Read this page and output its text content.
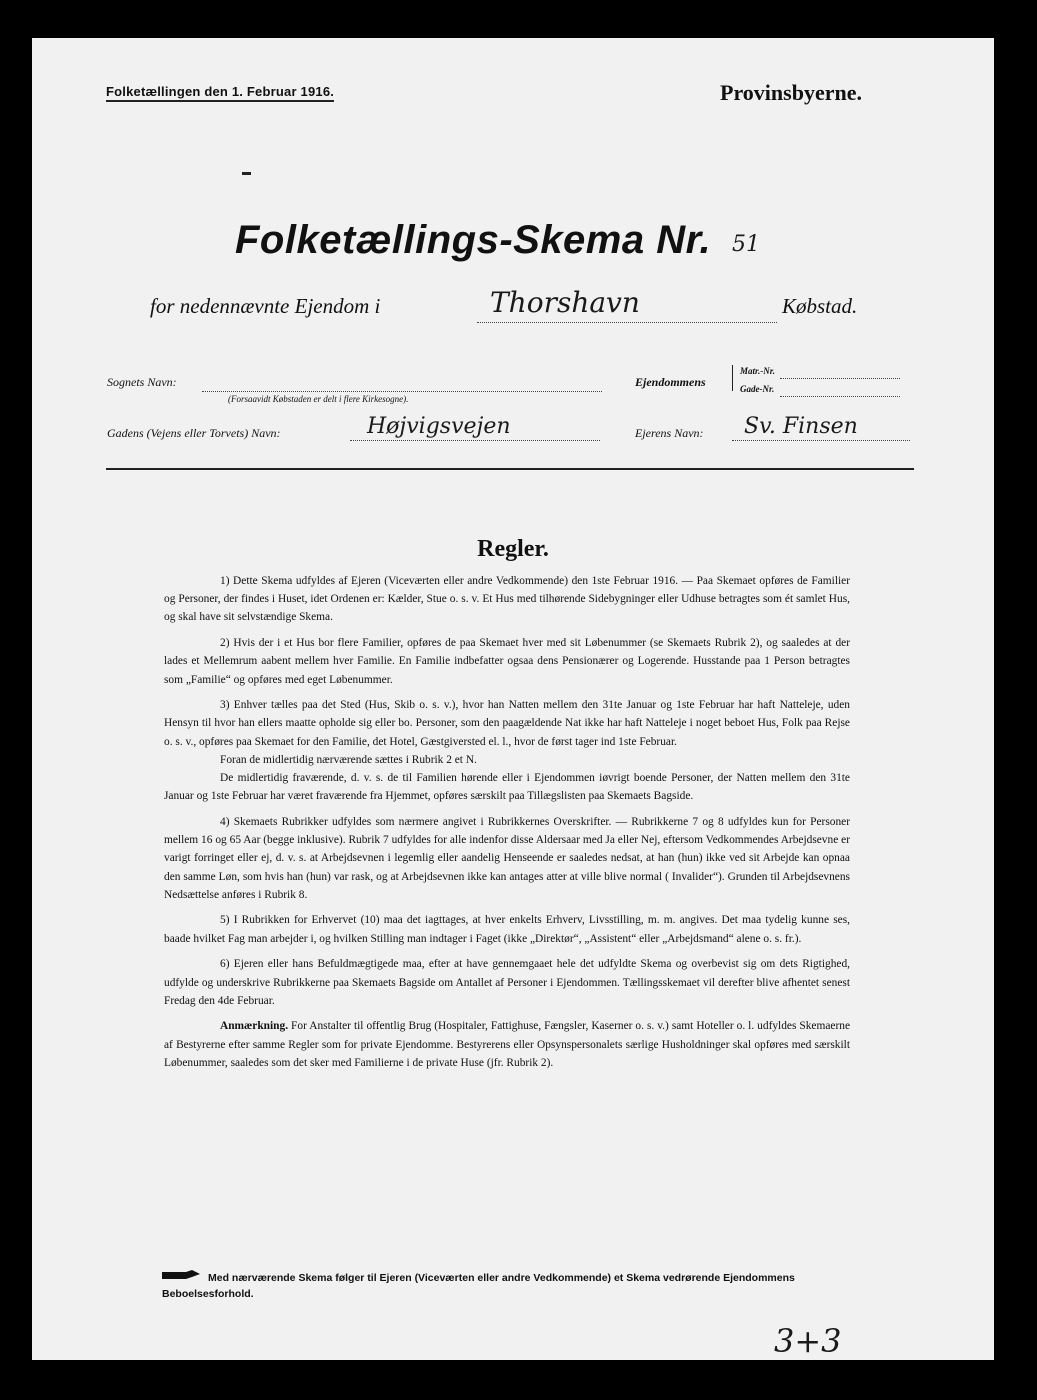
Folketællingen den 1. Februar 1916.	Provinsbyerne.
Folketællings-Skema Nr. 51
for nedennævnte Ejendom i	Thorshavn	Købstad.
Sognets Navn:
(Forsaavidt Købstaden er delt i flere Kirkesogne).
Ejendommens
Matr.-Nr.
Gade-Nr.
Gadens (Vejens eller Torvets) Navn:	Højvigsvejen	Ejerens Navn: Sv. Finsen
Regler.

1) Dette Skema udfyldes af Ejeren (Viceværten eller andre Vedkommende) den 1ste Februar 1916. — Paa Skemaet opføres de Familier og Personer, der findes i Huset, idet Ordenen er: Kælder, Stue o. s. v. Et Hus med tilhørende Sidebygninger eller Udhuse betragtes som ét samlet Hus, og skal have sit selvstændige Skema.

2) Hvis der i et Hus bor flere Familier, opføres de paa Skemaet hver med sit Løbenummer (se Skemaets Rubrik 2), og saaledes at der lades et Mellemrum aabent mellem hver Familie. En Familie indbefatter ogsaa dens Pensionærer og Logerende. Husstande paa 1 Person betragtes som „Familie“ og opføres med eget Løbenummer.

3) Enhver tælles paa det Sted (Hus, Skib o. s. v.), hvor han Natten mellem den 31te Januar og 1ste Februar har haft Natteleje, uden Hensyn til hvor han ellers maatte opholde sig eller bo. Personer, som den paagældende Nat ikke har haft Natteleje i noget beboet Hus, Folk paa Rejse o. s. v., opføres paa Skemaet for den Familie, det Hotel, Gæstgiversted el. l., hvor de først tager ind 1ste Februar.

Foran de midlertidig nærværende sættes i Rubrik 2 et N.

De midlertidig fraværende, d. v. s. de til Familien hørende eller i Ejendommen iøvrigt boende Personer, der Natten mellem den 31te Januar og 1ste Februar har været fraværende fra Hjemmet, opføres særskilt paa Tillægslisten paa Skemaets Bagside.

4) Skemaets Rubrikker udfyldes som nærmere angivet i Rubrikkernes Overskrifter. — Rubrikkerne 7 og 8 udfyldes kun for Personer mellem 16 og 65 Aar (begge inklusive). Rubrik 7 udfyldes for alle indenfor disse Aldersaar med Ja eller Nej, eftersom Vedkommendes Arbejdsevne er varigt forringet eller ej, d. v. s. at Arbejdsevnen i legemlig eller aandelig Henseende er saaledes nedsat, at han (hun) ikke ved sit Arbejde kan opnaa den samme Løn, som hvis han (hun) var rask, og at Arbejdsevnen ikke kan antages atter at ville blive normal ( Invalider“). Grunden til Arbejdsevnens Nedsættelse anføres i Rubrik 8.

5) I Rubrikken for Erhvervet (10) maa det iagttages, at hver enkelts Erhverv, Livsstilling, m. m. angives. Det maa tydelig kunne ses, baade hvilket Fag man arbejder i, og hvilken Stilling man indtager i Faget (ikke „Direktør“, „Assistent“ eller „Arbejdsmand“ alene o. s. fr.).

6) Ejeren eller hans Befuldmægtigede maa, efter at have gennemgaaet hele det udfyldte Skema og overbevist sig om dets Rigtighed, udfylde og underskrive Rubrikkerne paa Skemaets Bagside om Antallet af Personer i Ejendommen. Tællingsskemaet vil derefter blive afhentet senest Fredag den 4de Februar.

Anmærkning. For Anstalter til offentlig Brug (Hospitaler, Fattighuse, Fængsler, Kaserner o. s. v.) samt Hoteller o. l. udfyldes Skemaerne af Bestyrerne efter samme Regler som for private Ejendomme. Bestyrerens eller Opsynspersonalets særlige Husholdninger skal opføres med særskilt Løbenummer, saaledes som det sker med Familierne i de private Huse (jfr. Rubrik 2).

Med nærværende Skema følger til Ejeren (Viceværten eller andre Vedkommende) et Skema vedrørende Ejendommens Beboelsesforhold.
3+3
